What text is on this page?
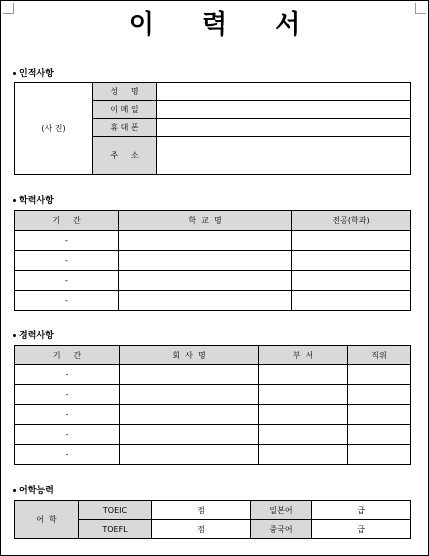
이 력 서
인적사항
(사 진)	성     명	
	이 메 일	
	휴 대 폰	
	주     소	
학력사항
기     간	학  교  명	전공(학과)
-		
-		
-		
-		
경력사항
기     간	회  사  명	부  서	직위
-			
-			
-			
-			
-			
어학능력
어  학	TOEIC	점	일본어	급
	TOEFL	점	중국어	급
